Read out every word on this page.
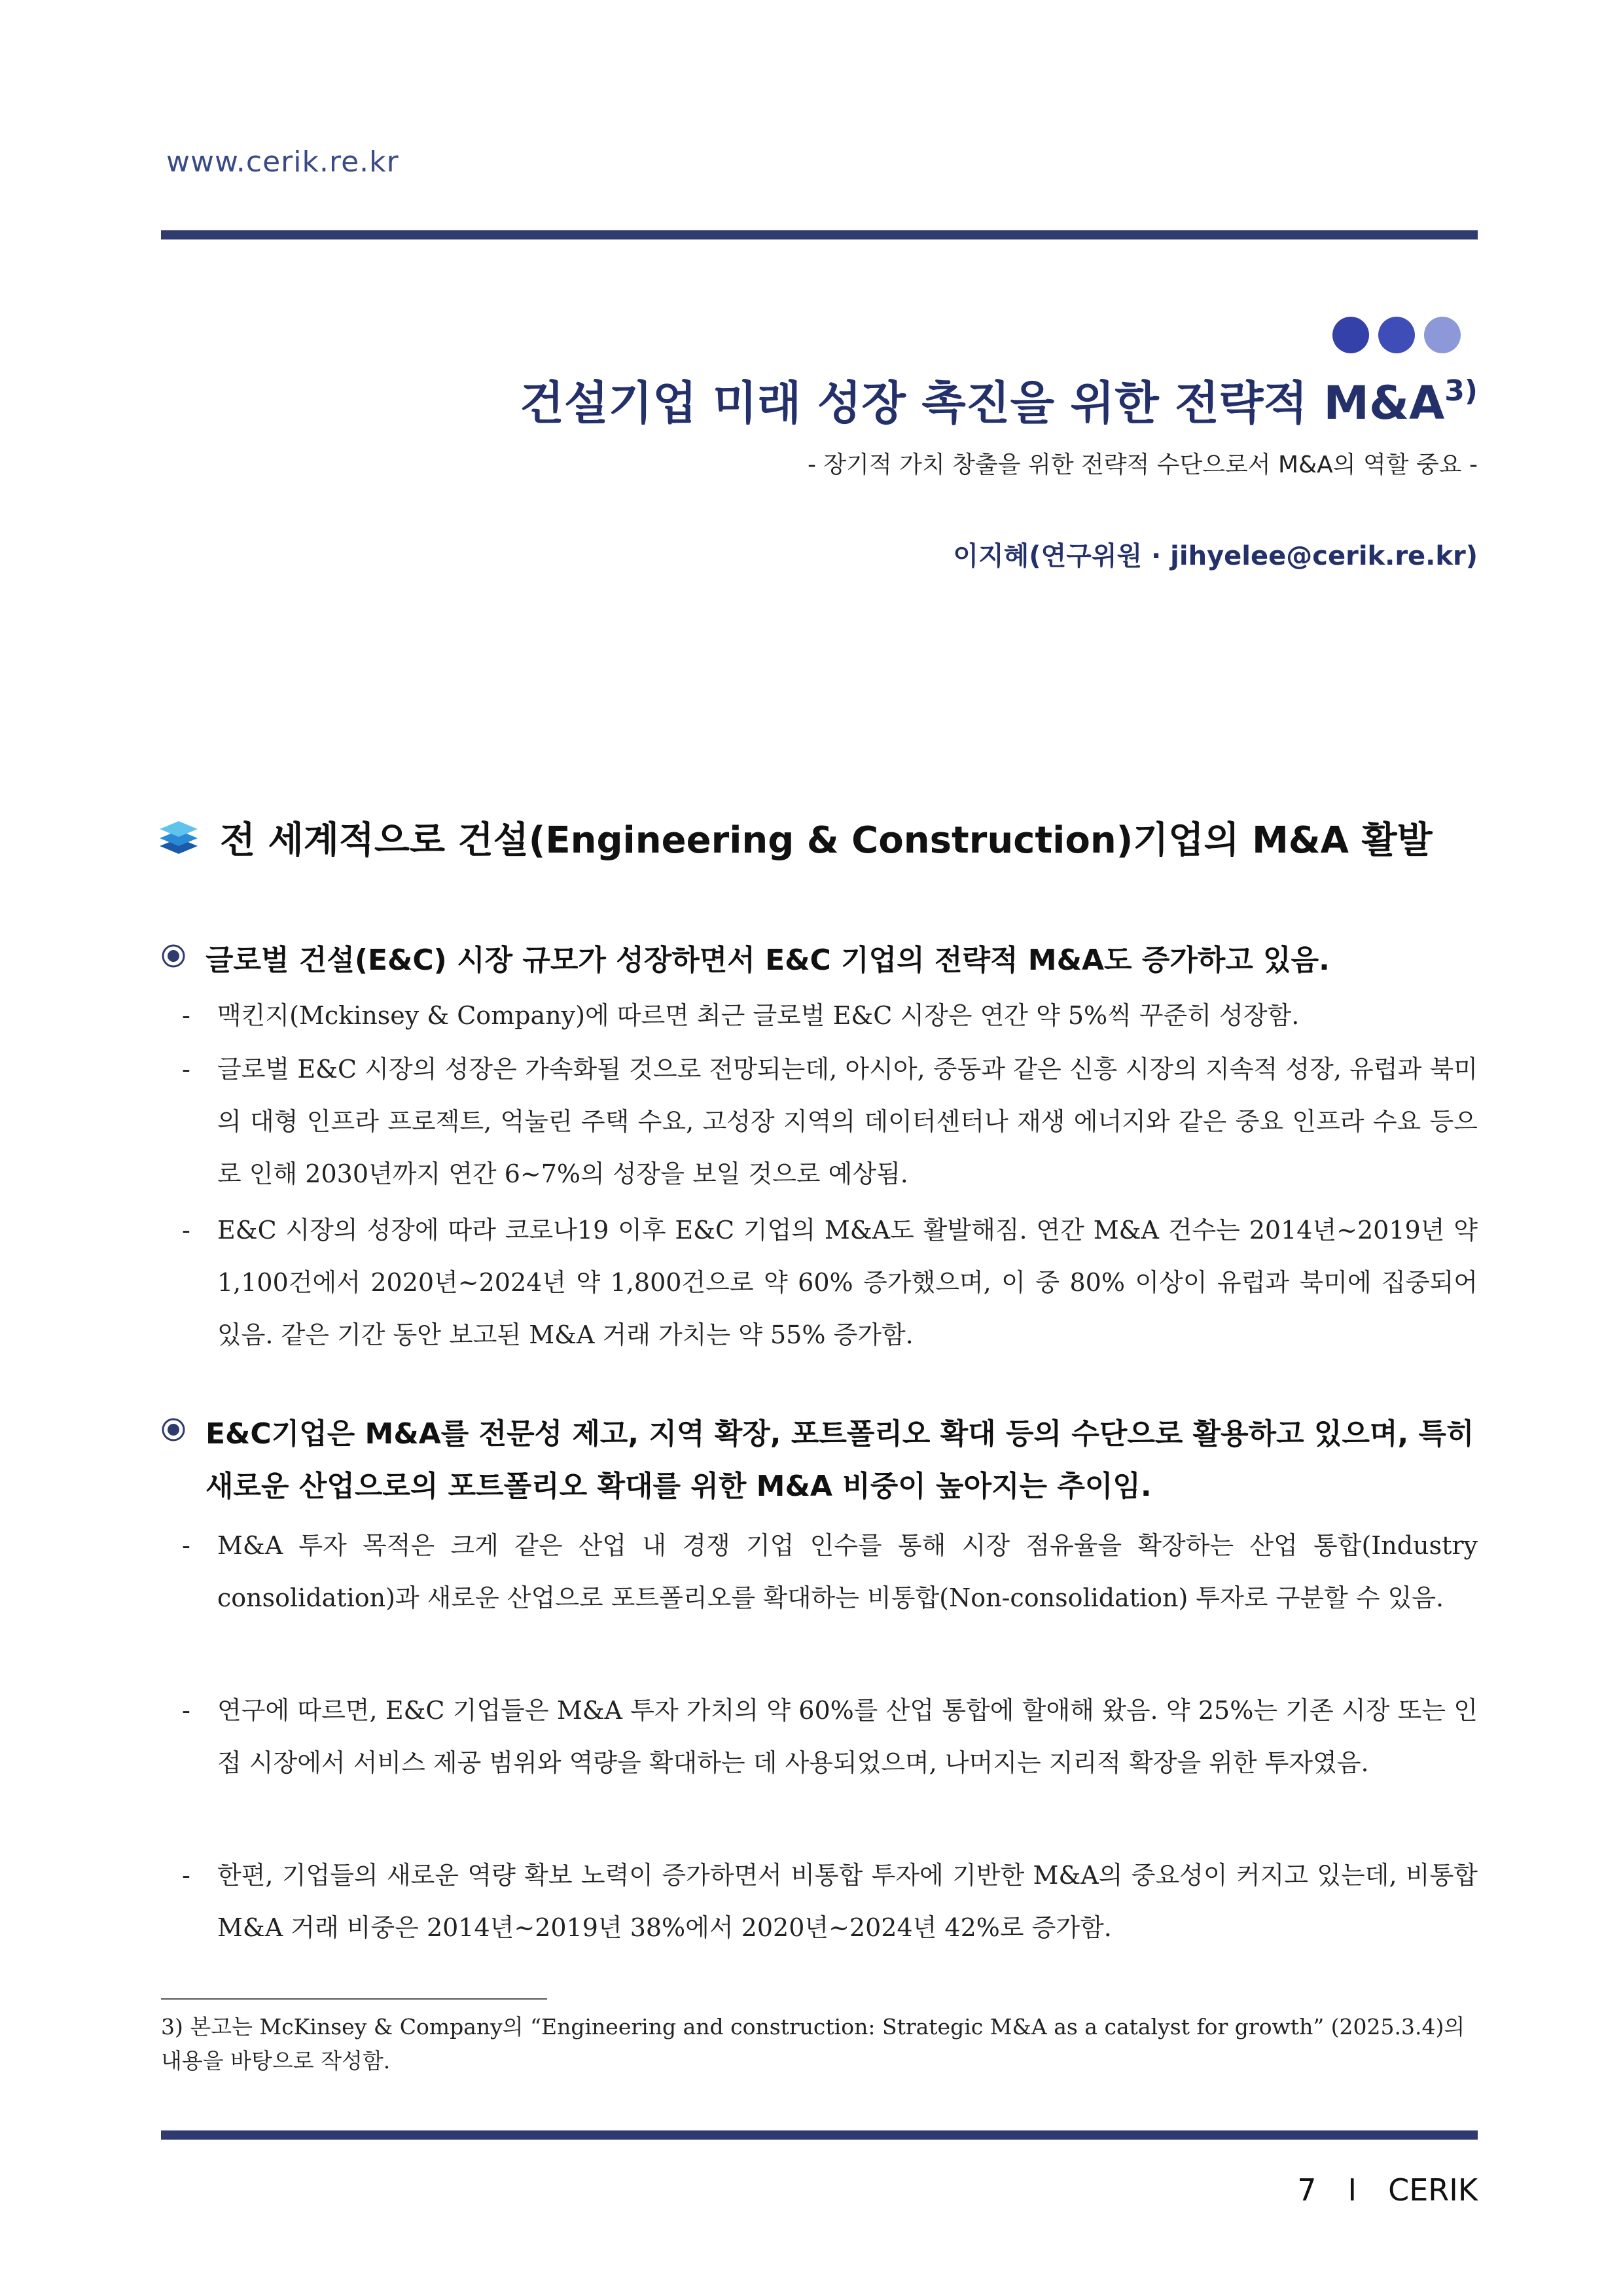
www.cerik.re.kr
건설기업 미래 성장 촉진을 위한 전략적 $M\&A^{3)}$
- 장기적 가치 창출을 위한 전략적 수단으로서 M&A의 역할 중요 -
이지혜(연구위원 · jihyelee@cerik.re.kr)
전 세계적으로 건설(Engineering & Construction)기업의 M&A 활발
글로벌 건설(E&C) 시장 규모가 성장하면서 E&C 기업의 전략적 M&A도 증가하고 있음.
-	맥킨지(Mckinsey & Company)에 따르면 최근 글로벌 E&C 시장은 연간 약 5%씩 꾸준히 성장함.
-	글로벌 E&C 시장의 성장은 가속화될 것으로 전망되는데, 아시아, 중동과 같은 신흥 시장의 지속적 성장, 유럽과 북미의 대형 인프라 프로젝트, 억눌린 주택 수요, 고성장 지역의 데이터센터나 재생 에너지와 같은 중요 인프라 수요 등으로 인해 2030년까지 연간 6~7%의 성장을 보일 것으로 예상됨.
-	E&C 시장의 성장에 따라 코로나19 이후 E&C 기업의 M&A도 활발해짐. 연간 M&A 건수는 2014년~2019년 약 1,100건에서 2020년~2024년 약 1,800건으로 약 60% 증가했으며, 이 중 80% 이상이 유럽과 북미에 집중되어 있음. 같은 기간 동안 보고된 M&A 거래 가치는 약 55% 증가함.
E&C기업은 M&A를 전문성 제고, 지역 확장, 포트폴리오 확대 등의 수단으로 활용하고 있으며, 특히 새로운 산업으로의 포트폴리오 확대를 위한 M&A 비중이 높아지는 추이임.
-	M&A 투자 목적은 크게 같은 산업 내 경쟁 기업 인수를 통해 시장 점유율을 확장하는 산업 통합(Industry consolidation)과 새로운 산업으로 포트폴리오를 확대하는 비통합(Non-consolidation) 투자로 구분할 수 있음.
-	연구에 따르면, E&C 기업들은 M&A 투자 가치의 약 60%를 산업 통합에 할애해 왔음. 약 25%는 기존 시장 또는 인접 시장에서 서비스 제공 범위와 역량을 확대하는 데 사용되었으며, 나머지는 지리적 확장을 위한 투자였음.
-	한편, 기업들의 새로운 역량 확보 노력이 증가하면서 비통합 투자에 기반한 M&A의 중요성이 커지고 있는데, 비통합 M&A 거래 비중은 2014년~2019년 38%에서 2020년~2024년 42%로 증가함.
3) 본고는 McKinsey & Company의 “Engineering and construction: Strategic M&A as a catalyst for growth” (2025.3.4)의 내용을 바탕으로 작성함.
7 I CERIK
